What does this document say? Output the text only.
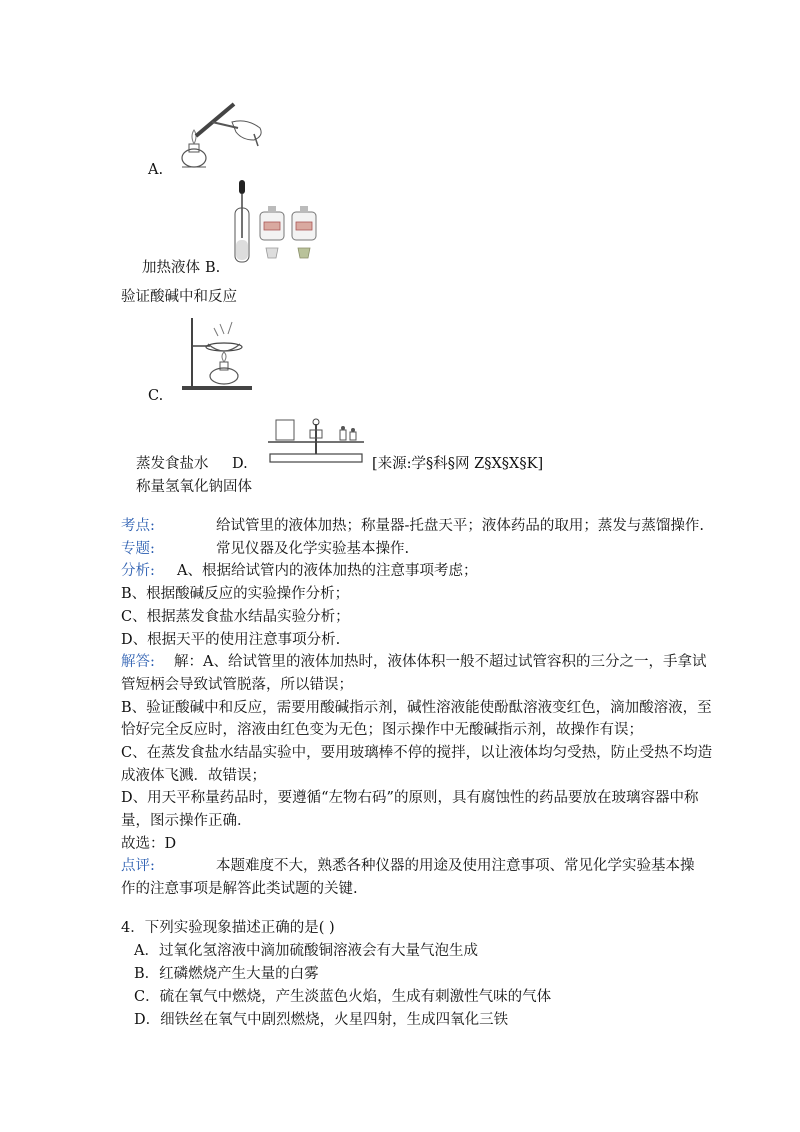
A.
加热液体 B.
验证酸碱中和反应
C.
蒸发食盐水 D.	[来源:学§科§网 Z§X§X§K]
称量氢氧化钠固体
考点:	给试管里的液体加热；称量器-托盘天平；液体药品的取用；蒸发与蒸馏操作.
专题:	常见仪器及化学实验基本操作.
分析: A、根据给试管内的液体加热的注意事项考虑；
B、根据酸碱反应的实验操作分析；
C、根据蒸发食盐水结晶实验分析；
D、根据天平的使用注意事项分析.
解答: 解：A、给试管里的液体加热时，液体体积一般不超过试管容积的三分之一，手拿试
管短柄会导致试管脱落，所以错误；
B、验证酸碱中和反应，需要用酸碱指示剂，碱性溶液能使酚酞溶液变红色，滴加酸溶液，至
恰好完全反应时，溶液由红色变为无色；图示操作中无酸碱指示剂，故操作有误；
C、在蒸发食盐水结晶实验中，要用玻璃棒不停的搅拌，以让液体均匀受热，防止受热不均造
成液体飞溅．故错误；
D、用天平称量药品时，要遵循“左物右码”的原则，具有腐蚀性的药品要放在玻璃容器中称
量，图示操作正确．
故选：D
点评:	本题难度不大，熟悉各种仪器的用途及使用注意事项、常见化学实验基本操
作的注意事项是解答此类试题的关键.
4．下列实验现象描述正确的是( )
A．过氧化氢溶液中滴加硫酸铜溶液会有大量气泡生成
B．红磷燃烧产生大量的白雾
C．硫在氧气中燃烧，产生淡蓝色火焰，生成有刺激性气味的气体
D．细铁丝在氧气中剧烈燃烧，火星四射，生成四氧化三铁
